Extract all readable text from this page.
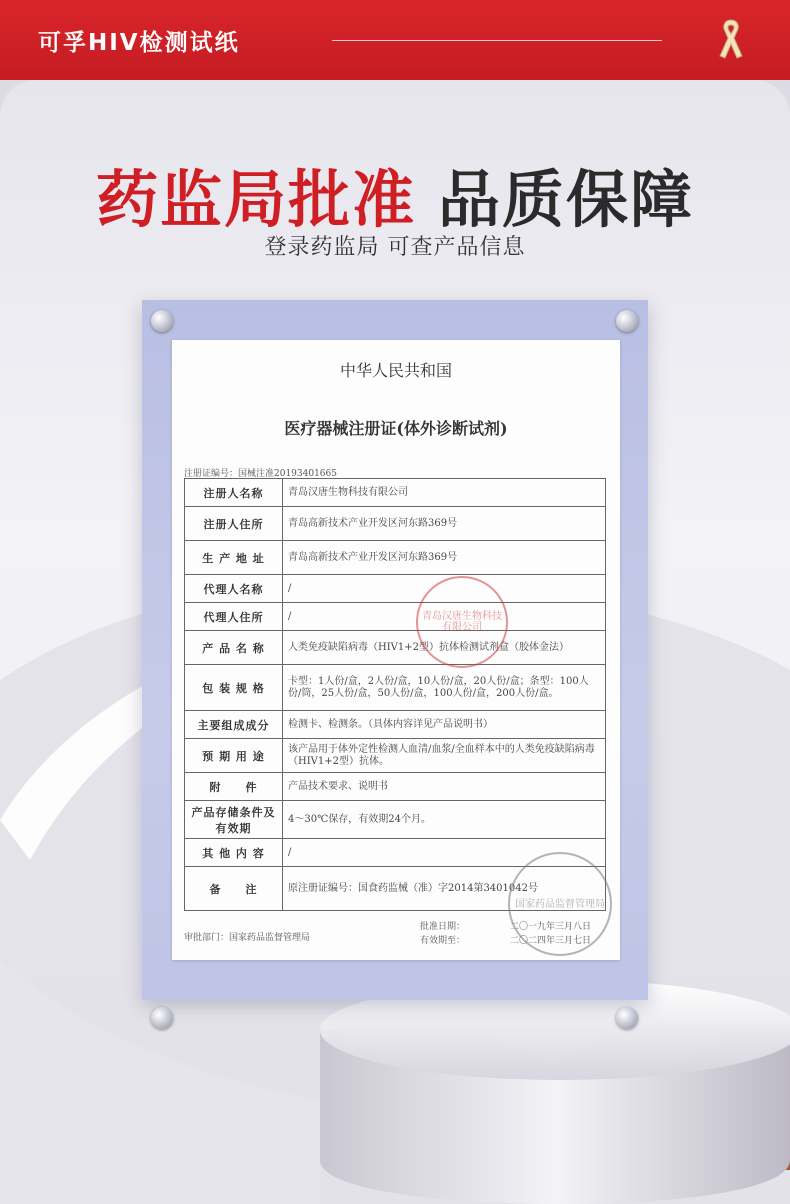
可孚HIV检测试纸
药监局批准 品质保障
登录药监局 可查产品信息
中华人民共和国
医疗器械注册证(体外诊断试剂)
注册证编号：国械注准20193401665
注册人名称	青岛汉唐生物科技有限公司
注册人住所	青岛高新技术产业开发区河东路369号
生 产 地 址	青岛高新技术产业开发区河东路369号
代理人名称	/
代理人住所	/
产 品 名 称	人类免疫缺陷病毒（HIV1+2型）抗体检测试剂盒（胶体金法）
包 装 规 格	卡型：1人份/盒，2人份/盒，10人份/盒，20人份/盒；条型：100人份/筒，25人份/盒，50人份/盒，100人份/盒，200人份/盒。
主要组成成分	检测卡、检测条。（具体内容详见产品说明书）
预 期 用 途	该产品用于体外定性检测人血清/血浆/全血样本中的人类免疫缺陷病毒（HIV1+2型）抗体。
附　　件	产品技术要求、说明书
产品存储条件及有效期	4～30℃保存，有效期24个月。
其 他 内 容	/
备　　注	原注册证编号：国食药监械（准）字2014第3401042号
青岛汉唐生物科技有限公司
国家药品监督管理局
审批部门：国家药品监督管理局
批准日期：	二〇一九年三月八日
有效期至：	二〇二四年三月七日
